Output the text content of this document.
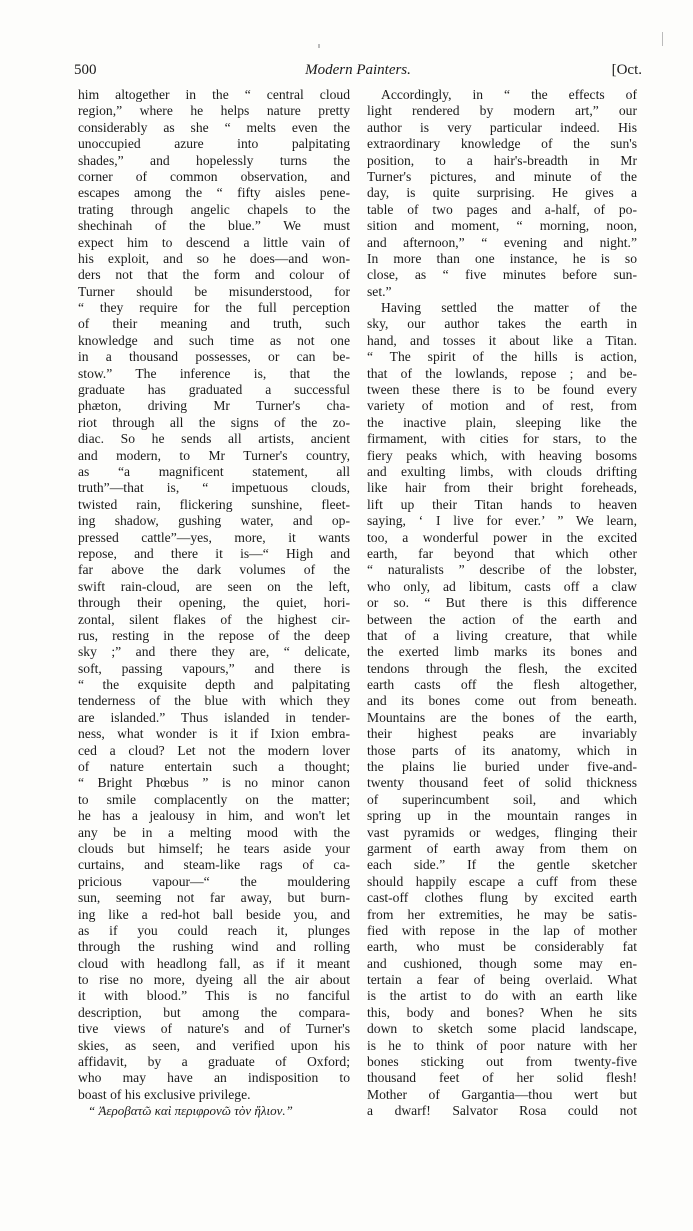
500	Modern Painters.	[Oct.
him altogether in the “ central cloud
region,” where he helps nature pretty
considerably as she “ melts even the
unoccupied azure into palpitating
shades,” and hopelessly turns the
corner of common observation, and
escapes among the “ fifty aisles pene-
trating through angelic chapels to the
shechinah of the blue.” We must
expect him to descend a little vain of
his exploit, and so he does—and won-
ders not that the form and colour of
Turner should be misunderstood, for
“ they require for the full perception
of their meaning and truth, such
knowledge and such time as not one
in a thousand possesses, or can be-
stow.” The inference is, that the
graduate has graduated a successful
phæton, driving Mr Turner's cha-
riot through all the signs of the zo-
diac. So he sends all artists, ancient
and modern, to Mr Turner's country,
as “a magnificent statement, all
truth”—that is, “ impetuous clouds,
twisted rain, flickering sunshine, fleet-
ing shadow, gushing water, and op-
pressed cattle”—yes, more, it wants
repose, and there it is—“ High and
far above the dark volumes of the
swift rain-cloud, are seen on the left,
through their opening, the quiet, hori-
zontal, silent flakes of the highest cir-
rus, resting in the repose of the deep
sky ;” and there they are, “ delicate,
soft, passing vapours,” and there is
“ the exquisite depth and palpitating
tenderness of the blue with which they
are islanded.” Thus islanded in tender-
ness, what wonder is it if Ixion embra-
ced a cloud? Let not the modern lover
of nature entertain such a thought;
“ Bright Phœbus ” is no minor canon
to smile complacently on the matter;
he has a jealousy in him, and won't let
any be in a melting mood with the
clouds but himself; he tears aside your
curtains, and steam-like rags of ca-
pricious vapour—“ the mouldering
sun, seeming not far away, but burn-
ing like a red-hot ball beside you, and
as if you could reach it, plunges
through the rushing wind and rolling
cloud with headlong fall, as if it meant
to rise no more, dyeing all the air about
it with blood.” This is no fanciful
description, but among the compara-
tive views of nature's and of Turner's
skies, as seen, and verified upon his
affidavit, by a graduate of Oxford;
who may have an indisposition to
boast of his exclusive privilege.
“ Ἀεροβατῶ καὶ περιφρονῶ τὸν ἥλιον.”
Accordingly, in “ the effects of
light rendered by modern art,” our
author is very particular indeed. His
extraordinary knowledge of the sun's
position, to a hair's-breadth in Mr
Turner's pictures, and minute of the
day, is quite surprising. He gives a
table of two pages and a-half, of po-
sition and moment, “ morning, noon,
and afternoon,” “ evening and night.”
In more than one instance, he is so
close, as “ five minutes before sun-
set.”
Having settled the matter of the
sky, our author takes the earth in
hand, and tosses it about like a Titan.
“ The spirit of the hills is action,
that of the lowlands, repose ; and be-
tween these there is to be found every
variety of motion and of rest, from
the inactive plain, sleeping like the
firmament, with cities for stars, to the
fiery peaks which, with heaving bosoms
and exulting limbs, with clouds drifting
like hair from their bright foreheads,
lift up their Titan hands to heaven
saying, ‘ I live for ever.’ ” We learn,
too, a wonderful power in the excited
earth, far beyond that which other
“ naturalists ” describe of the lobster,
who only, ad libitum, casts off a claw
or so. “ But there is this difference
between the action of the earth and
that of a living creature, that while
the exerted limb marks its bones and
tendons through the flesh, the excited
earth casts off the flesh altogether,
and its bones come out from beneath.
Mountains are the bones of the earth,
their highest peaks are invariably
those parts of its anatomy, which in
the plains lie buried under five-and-
twenty thousand feet of solid thickness
of superincumbent soil, and which
spring up in the mountain ranges in
vast pyramids or wedges, flinging their
garment of earth away from them on
each side.” If the gentle sketcher
should happily escape a cuff from these
cast-off clothes flung by excited earth
from her extremities, he may be satis-
fied with repose in the lap of mother
earth, who must be considerably fat
and cushioned, though some may en-
tertain a fear of being overlaid. What
is the artist to do with an earth like
this, body and bones? When he sits
down to sketch some placid landscape,
is he to think of poor nature with her
bones sticking out from twenty-five
thousand feet of her solid flesh!
Mother of Gargantia—thou wert but
a dwarf! Salvator Rosa could not
